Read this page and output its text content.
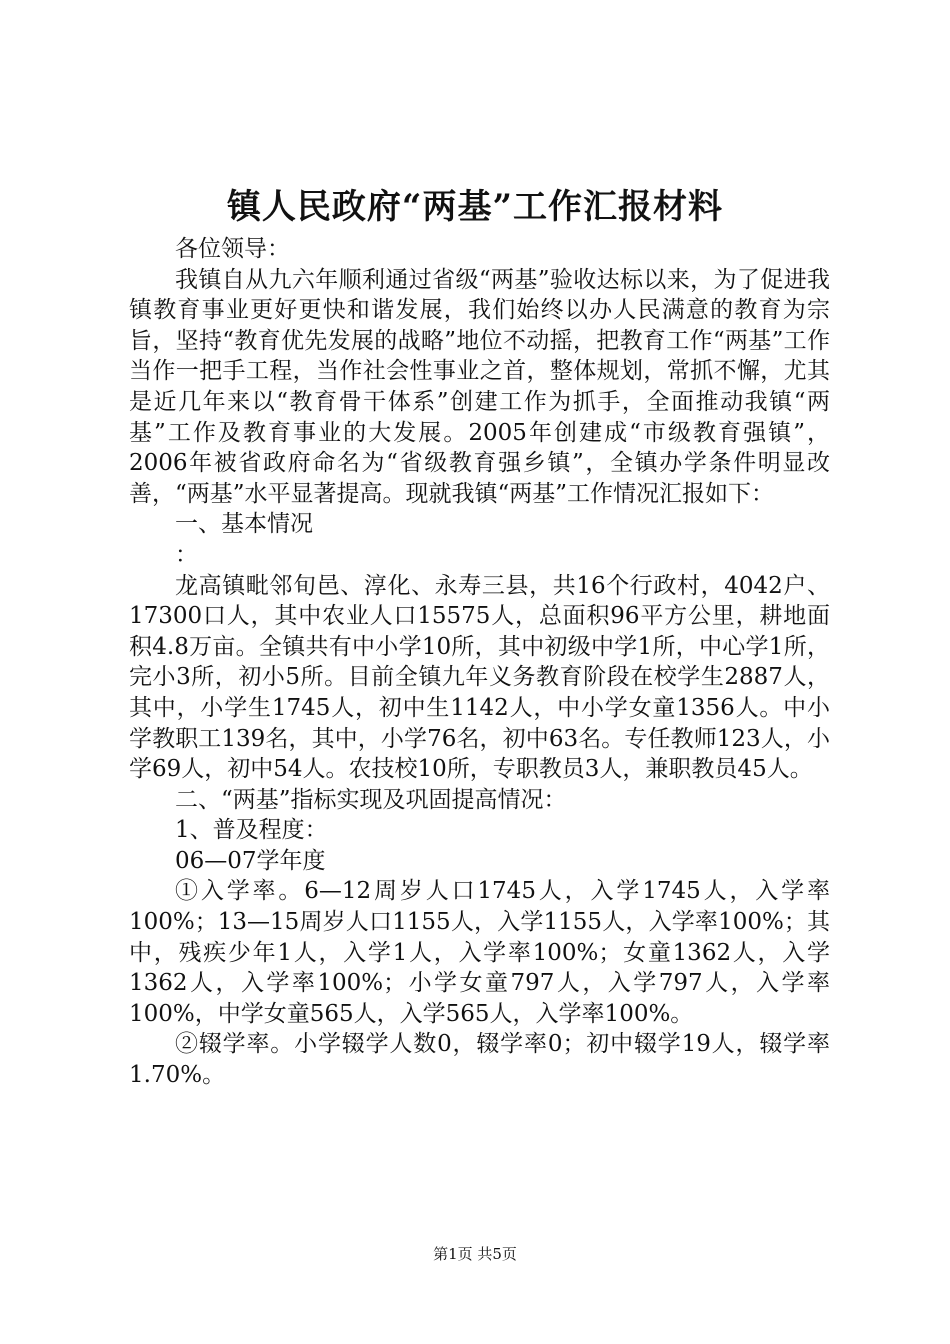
镇人民政府“两基”工作汇报材料

各位领导：

我镇自从九六年顺利通过省级“两基”验收达标以来，为了促进我镇教育事业更好更快和谐发展，我们始终以办人民满意的教育为宗旨，坚持“教育优先发展的战略”地位不动摇，把教育工作“两基”工作当作一把手工程，当作社会性事业之首，整体规划，常抓不懈，尤其是近几年来以“教育骨干体系”创建工作为抓手，全面推动我镇“两基”工作及教育事业的大发展。2005年创建成“市级教育强镇”，2006年被省政府命名为“省级教育强乡镇”，全镇办学条件明显改善，“两基”水平显著提高。现就我镇“两基”工作情况汇报如下：

一、基本情况

：

龙高镇毗邻旬邑、淳化、永寿三县，共16个行政村，4042户、17300口人，其中农业人口15575人，总面积96平方公里，耕地面积4.8万亩。全镇共有中小学10所，其中初级中学1所，中心学1所，完小3所，初小5所。目前全镇九年义务教育阶段在校学生2887人，其中，小学生1745人，初中生1142人，中小学女童1356人。中小学教职工139名，其中，小学76名，初中63名。专任教师123人，小学69人，初中54人。农技校10所，专职教员3人，兼职教员45人。

二、“两基”指标实现及巩固提高情况：

1、普及程度：

06—07学年度

①入学率。6—12周岁人口1745人，入学1745人，入学率100%；13—15周岁人口1155人，入学1155人，入学率100%；其中，残疾少年1人，入学1人，入学率100%；女童1362人，入学1362人，入学率100%；小学女童797人，入学797人，入学率100%，中学女童565人，入学565人，入学率100%。

②辍学率。小学辍学人数0，辍学率0；初中辍学19人，辍学率1.70%。

第1页 共5页
